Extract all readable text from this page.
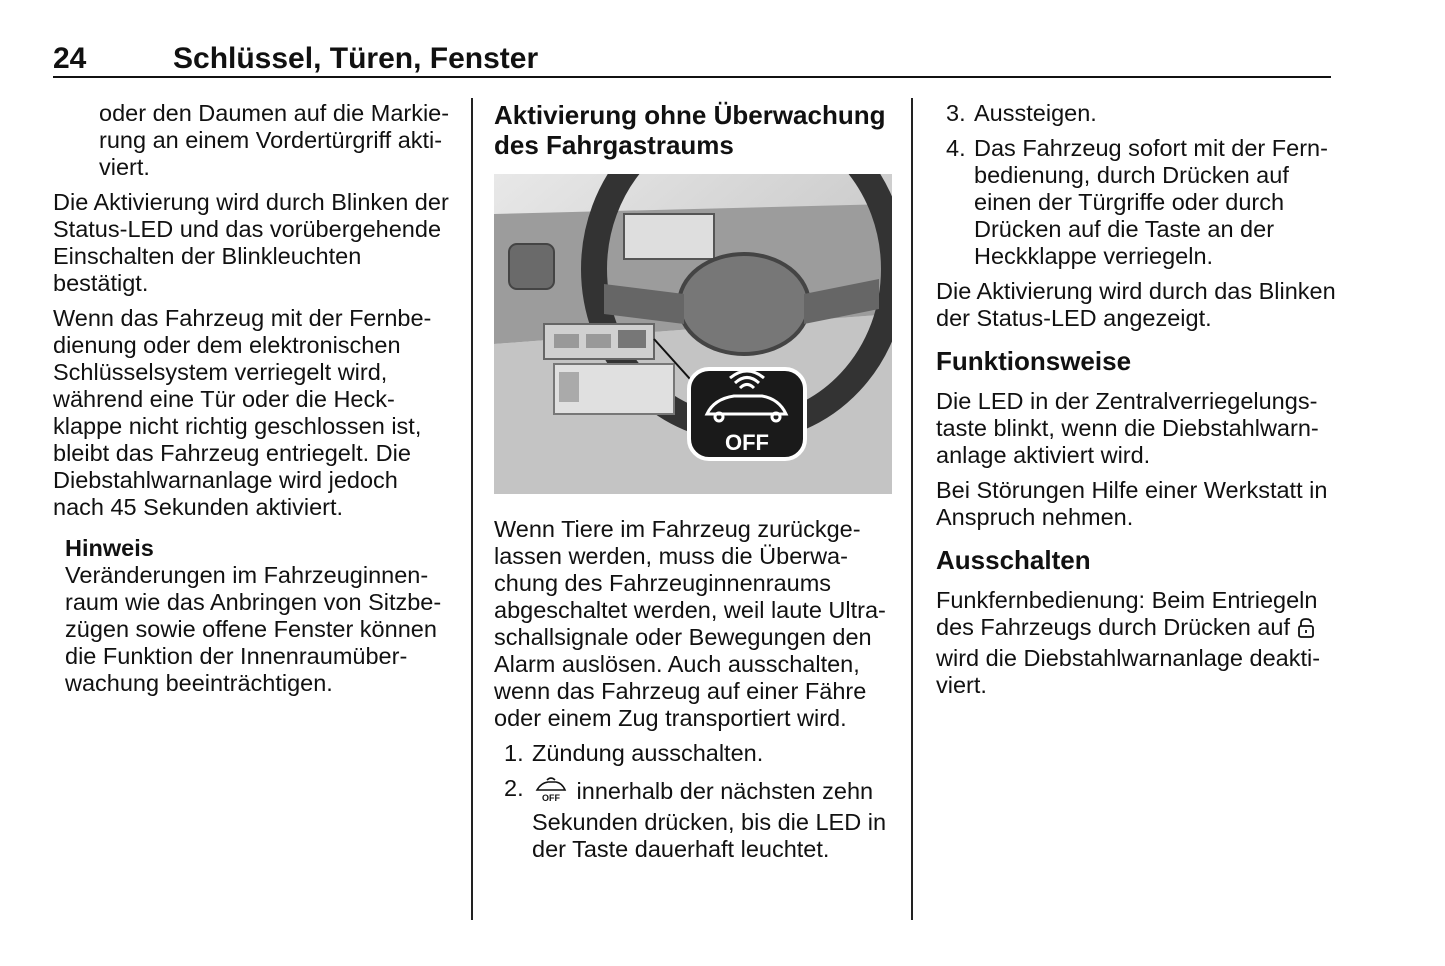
24	Schlüssel, Türen, Fenster

oder den Daumen auf die Markierung an einem Vordertürgriff aktiviert.

Die Aktivierung wird durch Blinken der Status-LED und das vorübergehende Einschalten der Blinkleuchten bestätigt.

Wenn das Fahrzeug mit der Fernbedienung oder dem elektronischen Schlüsselsystem verriegelt wird, während eine Tür oder die Heckklappe nicht richtig geschlossen ist, bleibt das Fahrzeug entriegelt. Die Diebstahlwarnanlage wird jedoch nach 45 Sekunden aktiviert.

Hinweis
Veränderungen im Fahrzeuginnenraum wie das Anbringen von Sitzbezügen sowie offene Fenster können die Funktion der Innenraumüberwachung beeinträchtigen.
Aktivierung ohne Überwachung des Fahrgastraums
OFF

Wenn Tiere im Fahrzeug zurückgelassen werden, muss die Überwachung des Fahrzeuginnenraums abgeschaltet werden, weil laute Ultraschallsignale oder Bewegungen den Alarm auslösen. Auch ausschalten, wenn das Fahrzeug auf einer Fähre oder einem Zug transportiert wird.

1. Zündung ausschalten.
2. OFF innerhalb der nächsten zehn Sekunden drücken, bis die LED in der Taste dauerhaft leuchtet.
3. Aussteigen.
4. Das Fahrzeug sofort mit der Fernbedienung, durch Drücken auf einen der Türgriffe oder durch Drücken auf die Taste an der Heckklappe verriegeln.

Die Aktivierung wird durch das Blinken der Status-LED angezeigt.

Funktionsweise

Die LED in der Zentralverriegelungstaste blinkt, wenn die Diebstahlwarnanlage aktiviert wird.

Bei Störungen Hilfe einer Werkstatt in Anspruch nehmen.

Ausschalten

Funkfernbedienung: Beim Entriegeln des Fahrzeugs durch Drücken auf  wird die Diebstahlwarnanlage deaktiviert.
